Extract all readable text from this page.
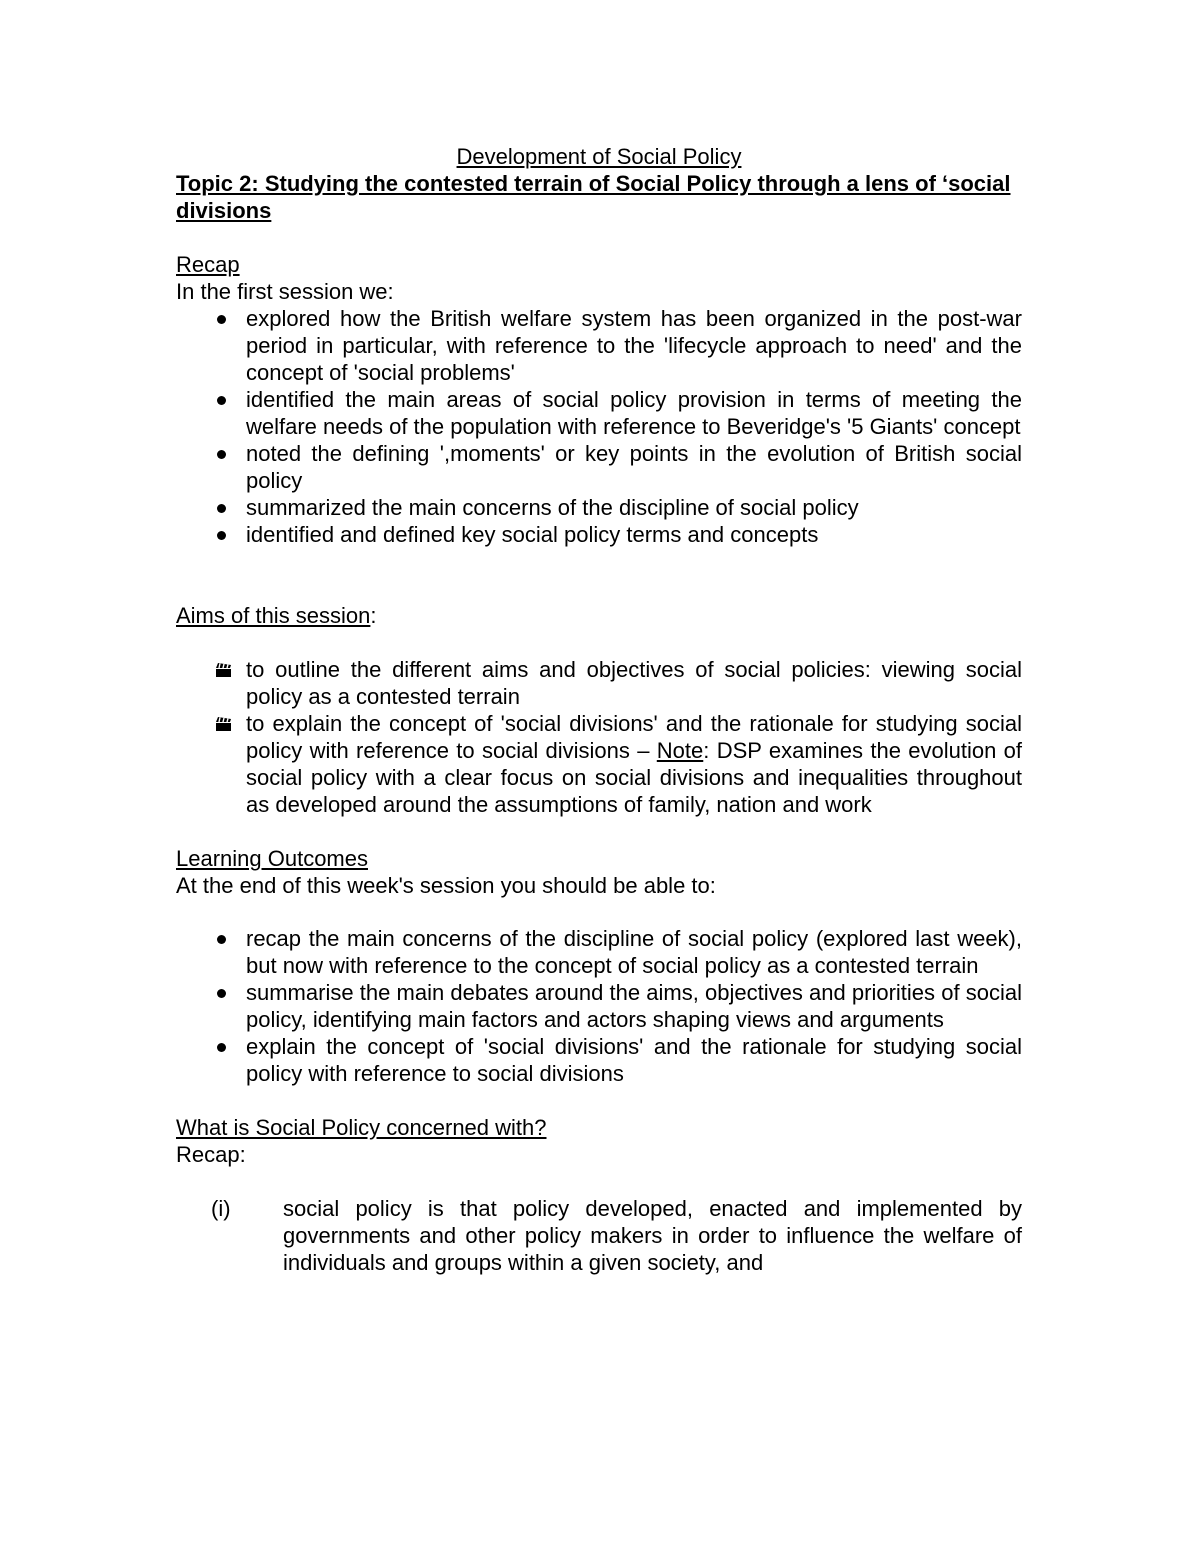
Development of Social Policy

Topic 2: Studying the contested terrain of Social Policy through a lens of ‘social divisions

Recap

In the first session we:

explored how the British welfare system has been organized in the post-war period in particular, with reference to the 'lifecycle approach to need' and the concept of 'social problems'
identified the main areas of social policy provision in terms of meeting the welfare needs of the population with reference to Beveridge's '5 Giants' concept
noted the defining ',moments' or key points in the evolution of British social policy
summarized the main concerns of the discipline of social policy
identified and defined key social policy terms and concepts

Aims of this session:

to outline the different aims and objectives of social policies: viewing social policy as a contested terrain
to explain the concept of 'social divisions' and the rationale for studying social policy with reference to social divisions – Note: DSP examines the evolution of social policy with a clear focus on social divisions and inequalities throughout as developed around the assumptions of family, nation and work

Learning Outcomes

At the end of this week's session you should be able to:

recap the main concerns of the discipline of social policy (explored last week), but now with reference to the concept of social policy as a contested terrain
summarise the main debates around the aims, objectives and priorities of social policy, identifying main factors and actors shaping views and arguments
explain the concept of 'social divisions' and the rationale for studying social policy with reference to social divisions

What is Social Policy concerned with?

Recap:

(i) social policy is that policy developed, enacted and implemented by governments and other policy makers in order to influence the welfare of individuals and groups within a given society, and
